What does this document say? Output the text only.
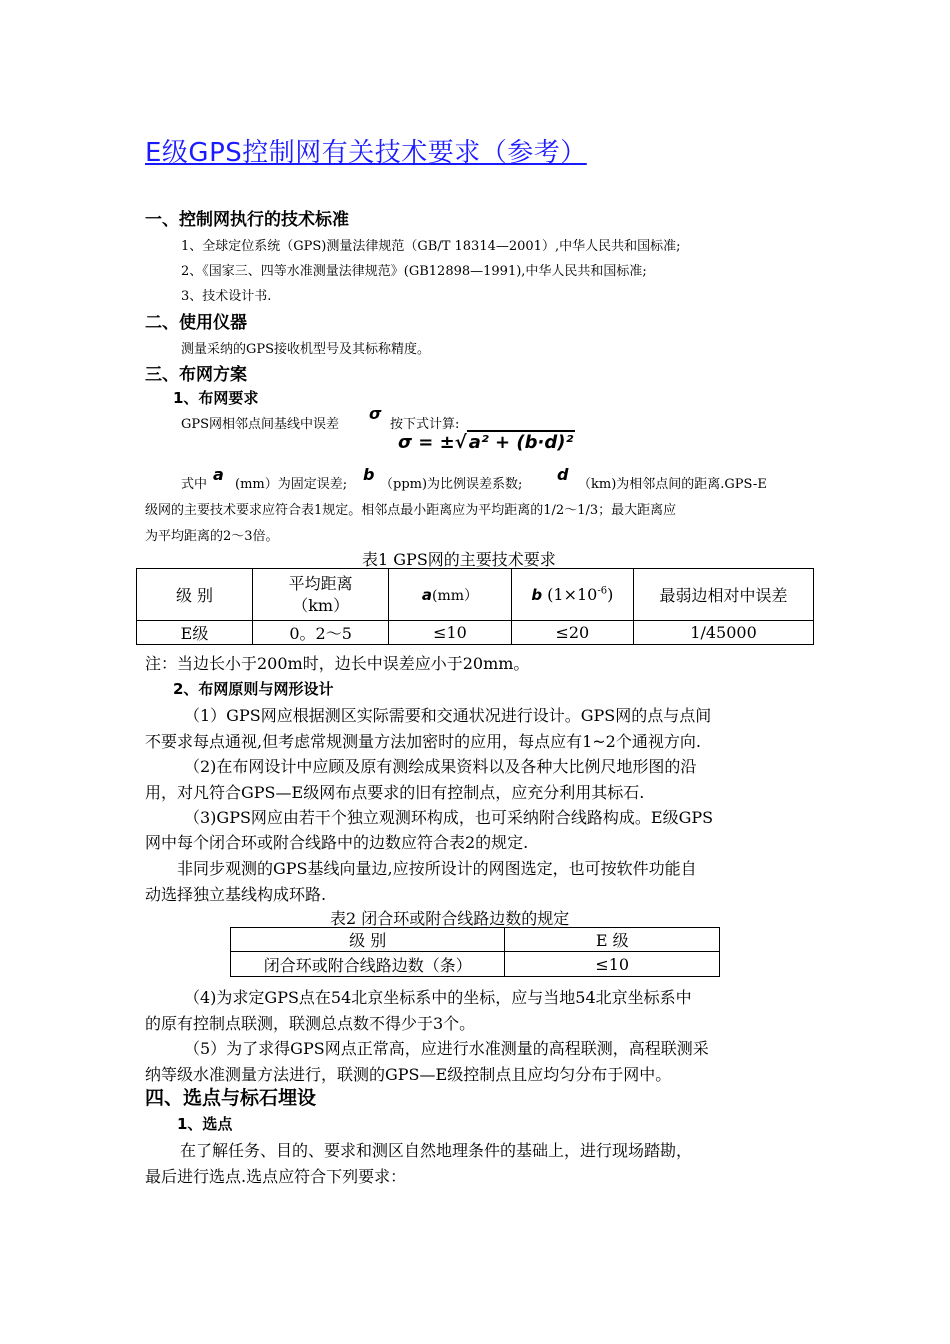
E级GPS控制网有关技术要求（参考）
一、控制网执行的技术标准
1、全球定位系统（GPS)测量法律规范（GB/T 18314—2001）,中华人民共和国标准;
2、《国家三、四等水准测量法律规范》(GB12898—1991),中华人民共和国标准;
3、技术设计书.
二、使用仪器
测量采纳的GPS接收机型号及其标称精度。
三、布网方案
1、布网要求
GPS网相邻点间基线中误差
σ
按下式计算:
σ = ±√ a² + (b·d)²
式中
a
(mm）为固定误差;
b
（ppm)为比例误差系数;
d
（km)为相邻点间的距离.GPS-E
级网的主要技术要求应符合表1规定。相邻点最小距离应为平均距离的1/2～1/3；最大距离应
为平均距离的2～3倍。
表1 GPS网的主要技术要求
级 别	平均距离
（km）	a(mm）	b $(1\times 10^{-6})$	最弱边相对中误差
E级	0。2～5	≤10	≤20	1/45000
注：当边长小于200m时，边长中误差应小于20mm。
2、布网原则与网形设计
（1）GPS网应根据测区实际需要和交通状况进行设计。GPS网的点与点间
不要求每点通视,但考虑常规测量方法加密时的应用，每点应有1~2个通视方向.
（2)在布网设计中应顾及原有测绘成果资料以及各种大比例尺地形图的沿
用，对凡符合GPS—E级网布点要求的旧有控制点，应充分利用其标石.
（3)GPS网应由若干个独立观测环构成，也可采纳附合线路构成。E级GPS
网中每个闭合环或附合线路中的边数应符合表2的规定.
非同步观测的GPS基线向量边,应按所设计的网图选定，也可按软件功能自
动选择独立基线构成环路.
表2 闭合环或附合线路边数的规定
级 别	E 级
闭合环或附合线路边数（条）	≤10
（4)为求定GPS点在54北京坐标系中的坐标，应与当地54北京坐标系中
的原有控制点联测，联测总点数不得少于3个。
（5）为了求得GPS网点正常高，应进行水准测量的高程联测，高程联测采
纳等级水准测量方法进行，联测的GPS—E级控制点且应均匀分布于网中。
四、选点与标石埋设
1、选点
在了解任务、目的、要求和测区自然地理条件的基础上，进行现场踏勘，
最后进行选点.选点应符合下列要求：
